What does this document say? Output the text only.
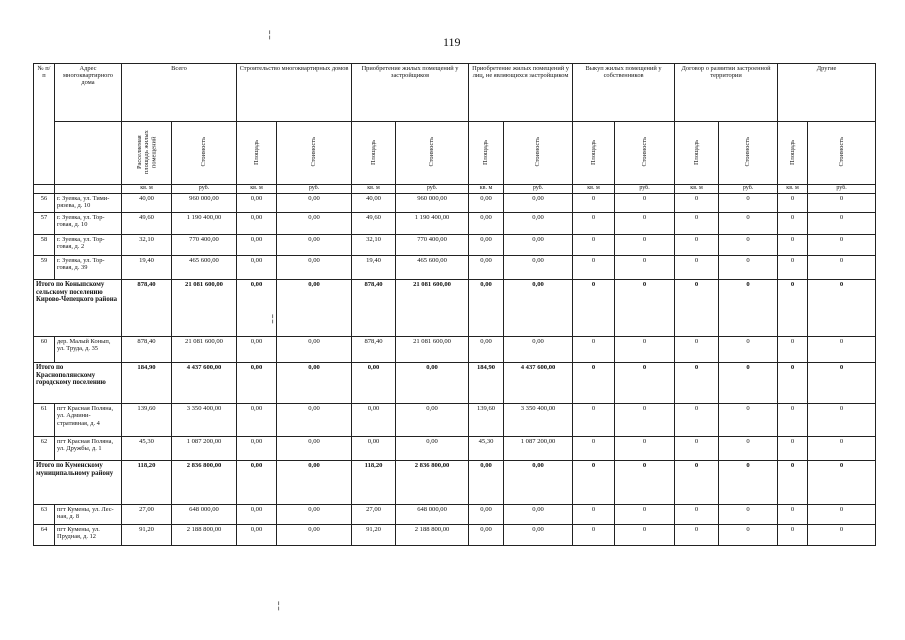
119
№ п/п	Адрес многоквартирного дома	Всего		Строительство многоквартирных домов		Приобретение жилых помещений у застройщиков		Приобретение жилых помещений у лиц, не являющихся застройщиком		Выкуп жилых помещений у собственников		Договор о развитии застроенной территории		Другие	
		Расселяемая площадь жилых помещений	Стоимость	Площадь	Стоимость	Площадь	Стоимость	Площадь	Стоимость	Площадь	Стоимость	Площадь	Стоимость	Площадь	Стоимость
		кв. м	руб.	кв. м	руб.	кв. м	руб.	кв. м	руб.	кв. м	руб.	кв. м	руб.	кв. м	руб.
56	г. Зуевка, ул. Тими-рязева, д. 10	40,00	960 000,00	0,00	0,00	40,00	960 000,00	0,00	0,00	0	0	0	0	0	0
57	г. Зуевка, ул. Тор-говая, д. 10	49,60	1 190 400,00	0,00	0,00	49,60	1 190 400,00	0,00	0,00	0	0	0	0	0	0
58	г. Зуевка, ул. Тор-говая, д. 2	32,10	770 400,00	0,00	0,00	32,10	770 400,00	0,00	0,00	0	0	0	0	0	0
59	г. Зуевка, ул. Тор-говая, д. 39	19,40	465 600,00	0,00	0,00	19,40	465 600,00	0,00	0,00	0	0	0	0	0	0
Итого по Коныпскому сельскому поселению Кирово-Чепецкого района		878,40	21 081 600,00	0,00	0,00	878,40	21 081 600,00	0,00	0,00	0	0	0	0	0	0
60	дер. Малый Конып, ул. Труда, д. 35	878,40	21 081 600,00	0,00	0,00	878,40	21 081 600,00	0,00	0,00	0	0	0	0	0	0
Итого по Краснополянскому городскому поселению		184,90	4 437 600,00	0,00	0,00	0,00	0,00	184,90	4 437 600,00	0	0	0	0	0	0
61	пгт Красная Поляна, ул. Админи-стративная, д. 4	139,60	3 350 400,00	0,00	0,00	0,00	0,00	139,60	3 350 400,00	0	0	0	0	0	0
62	пгт Красная Поляна, ул. Дружбы, д. 1	45,30	1 087 200,00	0,00	0,00	0,00	0,00	45,30	1 087 200,00	0	0	0	0	0	0
Итого по Куменскому муниципальному району		118,20	2 836 800,00	0,00	0,00	118,20	2 836 800,00	0,00	0,00	0	0	0	0	0	0
63	пгт Кумены, ул. Лес-ная, д. 8	27,00	648 000,00	0,00	0,00	27,00	648 000,00	0,00	0,00	0	0	0	0	0	0
64	пгт Кумены, ул. Прудная, д. 12	91,20	2 188 800,00	0,00	0,00	91,20	2 188 800,00	0,00	0,00	0	0	0	0	0	0
╎
╎
╎
